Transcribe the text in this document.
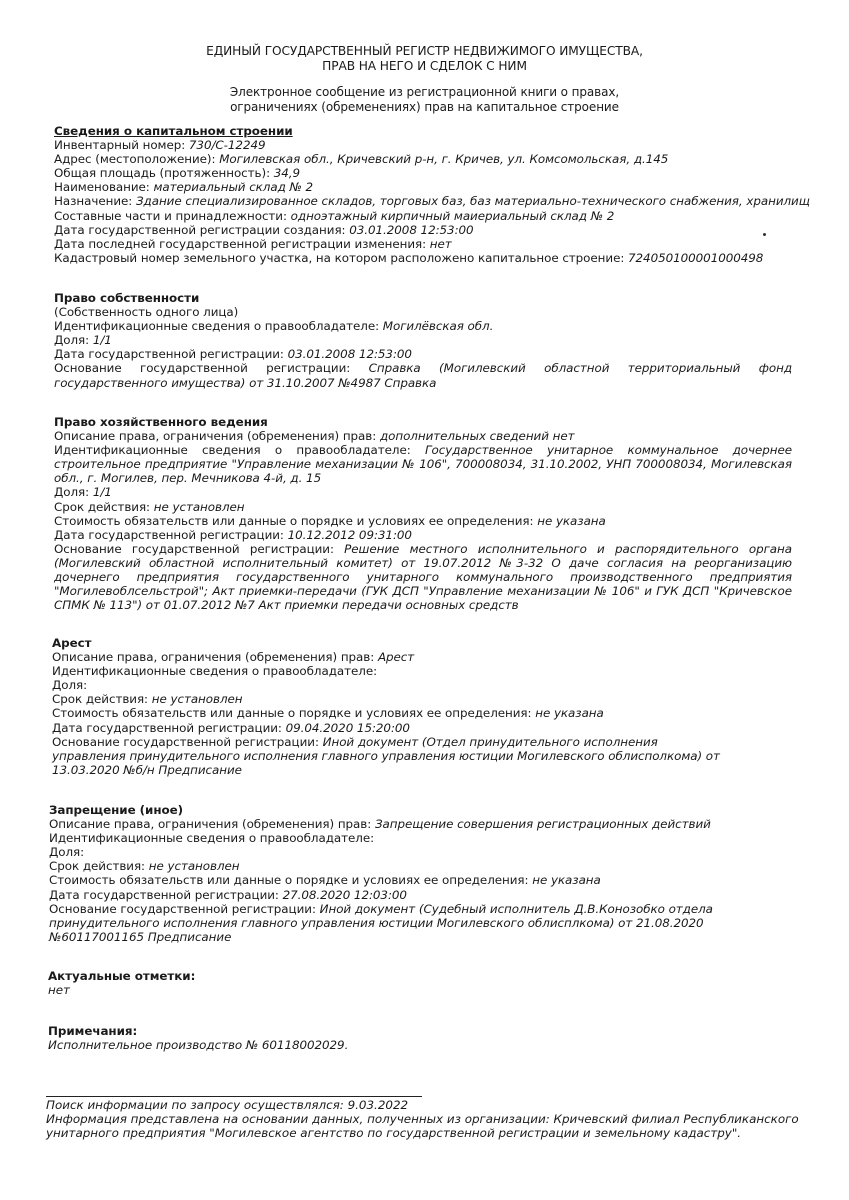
ЕДИНЫЙ ГОСУДАРСТВЕННЫЙ РЕГИСТР НЕДВИЖИМОГО ИМУЩЕСТВА,
ПРАВ НА НЕГО И СДЕЛОК С НИМ
Электронное сообщение из регистрационной книги о правах,
ограничениях (обременениях) прав на капитальное строение
Сведения о капитальном строении
Инвентарный номер: 730/С-12249
Адрес (местоположение): Могилевская обл., Кричевский р-н, г. Кричев, ул. Комсомольская, д.145
Общая площадь (протяженность): 34,9
Наименование: материальный склад № 2
Назначение: Здание специализированное складов, торговых баз, баз материально-технического снабжения, хранилищ
Составные части и принадлежности: одноэтажный кирпичный маиериальный склад № 2
Дата государственной регистрации создания: 03.01.2008 12:53:00
Дата последней государственной регистрации изменения: нет
Кадастровый номер земельного участка, на котором расположено капитальное строение: 724050100001000498
Право собственности
(Собственность одного лица)
Идентификационные сведения о правообладателе: Могилёвская обл.
Доля: 1/1
Дата государственной регистрации: 03.01.2008 12:53:00
Основание государственной регистрации: Справка (Могилевский областной территориальный фонд государственного имущества) от 31.10.2007 №4987 Справка
Право хозяйственного ведения
Описание права, ограничения (обременения) прав: дополнительных сведений нет
Идентификационные сведения о правообладателе: Государственное унитарное коммунальное дочернее строительное предприятие "Управление механизации № 106", 700008034, 31.10.2002, УНП 700008034, Могилевская обл., г. Могилев, пер. Мечникова 4-й, д. 15
Доля: 1/1
Срок действия: не установлен
Стоимость обязательств или данные о порядке и условиях ее определения: не указана
Дата государственной регистрации: 10.12.2012 09:31:00
Основание государственной регистрации: Решение местного исполнительного и распорядительного органа (Могилевский областной исполнительный комитет) от 19.07.2012 №3-32 О даче согласия на реорганизацию дочернего предприятия государственного унитарного коммунального производственного предприятия "Могилевоблсельстрой"; Акт приемки-передачи (ГУК ДСП "Управление механизации № 106" и ГУК ДСП "Кричевское СПМК № 113") от 01.07.2012 №7 Акт приемки передачи основных средств
Арест
Описание права, ограничения (обременения) прав: Арест
Идентификационные сведения о правообладателе:
Доля:
Срок действия: не установлен
Стоимость обязательств или данные о порядке и условиях ее определения: не указана
Дата государственной регистрации: 09.04.2020 15:20:00
Основание государственной регистрации: Иной документ (Отдел принудительного исполнения управления принудительного исполнения главного управления юстиции Могилевского облисполкома) от 13.03.2020 №б/н Предписание
Запрещение (иное)
Описание права, ограничения (обременения) прав: Запрещение совершения регистрационных действий
Идентификационные сведения о правообладателе:
Доля:
Срок действия: не установлен
Стоимость обязательств или данные о порядке и условиях ее определения: не указана
Дата государственной регистрации: 27.08.2020 12:03:00
Основание государственной регистрации: Иной документ (Судебный исполнитель Д.В.Конозобко отдела принудительного исполнения главного управления юстиции Могилевского облисплкома) от 21.08.2020 №60117001165 Предписание
Актуальные отметки:
нет
Примечания:
Исполнительное производство № 60118002029.
Поиск информации по запросу осуществлялся: 9.03.2022
Информация представлена на основании данных, полученных из организации: Кричевский филиал Республиканского
унитарного предприятия "Могилевское агентство по государственной регистрации и земельному кадастру".
